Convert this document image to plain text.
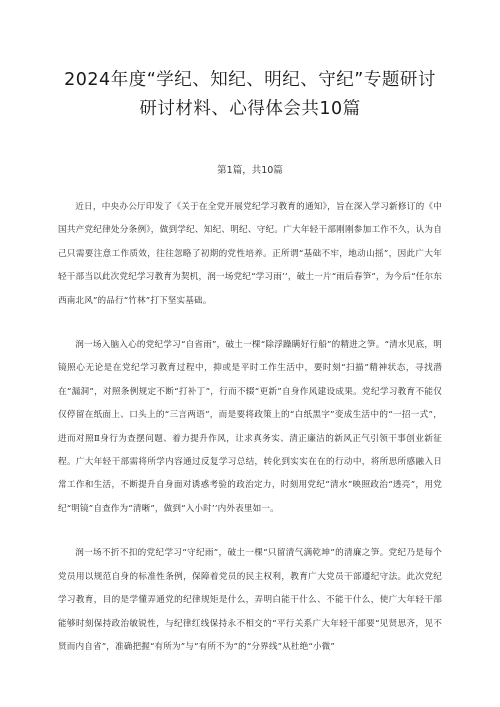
2024年度“学纪、知纪、明纪、守纪”专题研讨研讨材料、心得体会共10篇
第1篇，共10篇

近日，中央办公厅印发了《关于在全党开展党纪学习教育的通知》，旨在深入学习新修订的《中国共产党纪律处分条例》，做到学纪、知纪、明纪、守纪。广大年轻干部刚刚参加工作不久，认为自己只需要注意工作质效，往往忽略了初期的党性培养。正所谓“基础不牢，地动山摇”，因此广大年轻干部当以此次党纪学习教育为契机，润一场党纪“学习雨’’，破土一片“雨后春笋”，为今后“任尔东西南北风”的品行“竹林”打下坚实基础。

润一场入脑入心的党纪学习“自省雨”，破土一棵“除浮躁瞒好行船”的精进之笋。“清水见底，明镜照心无论是在党纪学习教育过程中，抑或是平时工作生活中，要时刻“扫描”精神状态，寻找潜在“漏洞”，对照条例规定不断“打补丁”，行而不辍“更新”自身作风建设成果。党纪学习教育不能仅仅停留在纸面上、口头上的“三言两语”，而是要将政策上的“白纸黑字”变成生活中的“一招一式”，进而对照Ⅱ身行为查摆问题、着力提升作风，让求真务实、清正廉洁的新风正气引领干事创业新征程。广大年轻干部需将所学内容通过反复学习总结，转化到实实在在的行动中，将所思所感融入日常工作和生活，不断提升自身面对诱惑考验的政治定力，时刻用党纪“清水”映照政治“透亮”，用党纪“明镜”自查作为“清晰”，做到“入小时’’内外表里如一。

润一场不折不扣的党纪学习“守纪雨”，破土一棵“只留清气满乾坤”的清廉之笋。党纪乃是每个党员用以规范自身的标准性条例，保障着党员的民主权利，教育广大党员干部遵纪守法。此次党纪学习教育，目的是学懂弄通党的纪律规矩是什么，弄明白能干什么、不能干什么，使广大年轻干部能够时刻保持政治敏锐性，与纪律红线保持永不相交的“平行关系广大年轻干部要“见贤思齐，见不贤而内自省”，准确把握“有所为”与“有所不为”的“分界线”从杜绝“小微”
